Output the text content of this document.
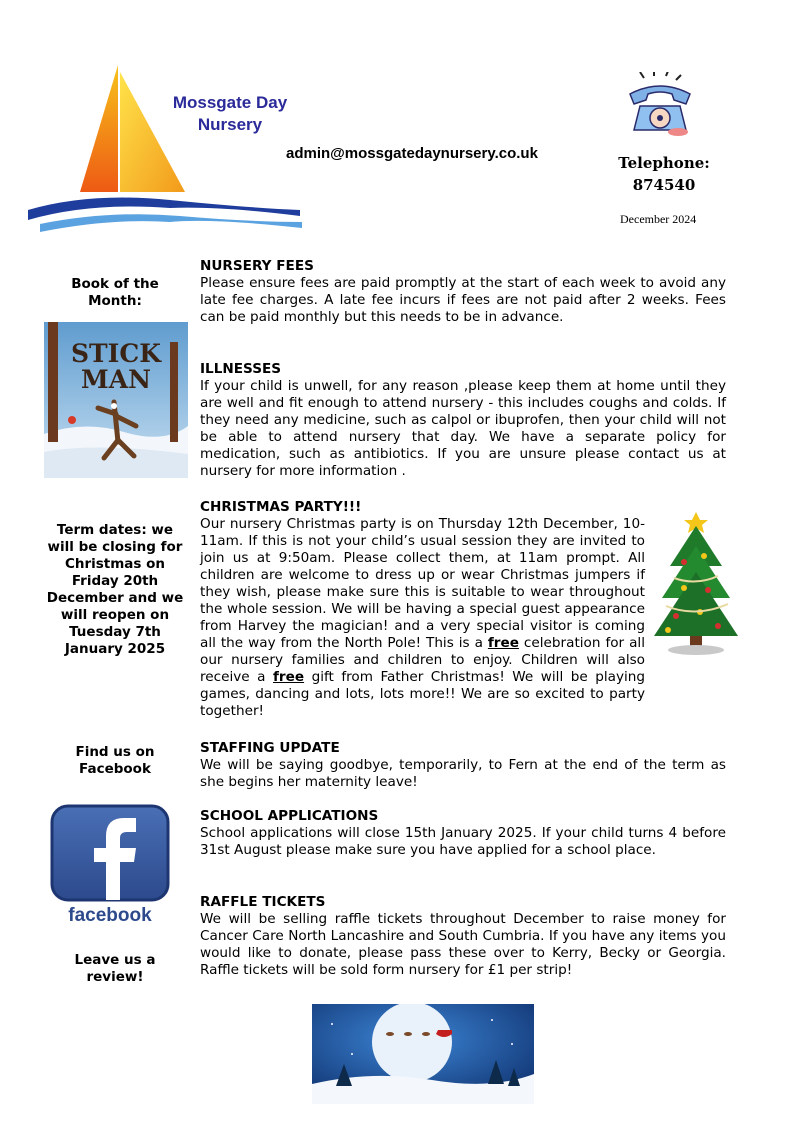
Mossgate Day
Nursery
admin@mossgatedaynursery.co.uk
Telephone:
874540
December 2024
Book of the Month:
STICK
MAN
Term dates: we will be closing for Christmas on Friday 20th December and we will reopen on Tuesday 7th January 2025
Find us on Facebook
facebook
Leave us a review!
NURSERY FEES

Please ensure fees are paid promptly at the start of each week to avoid any late fee charges. A late fee incurs if fees are not paid after 2 weeks. Fees can be paid monthly but this needs to be in advance.

ILLNESSES

If your child is unwell, for any reason ,please keep them at home until they are well and fit enough to attend nursery - this includes coughs and colds. If they need any medicine, such as calpol or ibuprofen, then your child will not be able to attend nursery that day. We have a separate policy for medication, such as antibiotics. If you are unsure please contact us at nursery for more information .

CHRISTMAS PARTY!!!

Our nursery Christmas party is on Thursday 12th December, 10-11am. If this is not your child’s usual session they are invited to join us at 9:50am. Please collect them, at 11am prompt. All children are welcome to dress up or wear Christmas jumpers if they wish, please make sure this is suitable to wear throughout the whole session. We will be having a special guest appearance from Harvey the magician! and a very special visitor is coming all the way from the North Pole! This is a free celebration for all our nursery families and children to enjoy. Children will also receive a free gift from Father Christmas! We will be playing games, dancing and lots, lots more!! We are so excited to party together!

STAFFING UPDATE

We will be saying goodbye, temporarily, to Fern at the end of the term as she begins her maternity leave!

SCHOOL APPLICATIONS

School applications will close 15th January 2025. If your child turns 4 before 31st August please make sure you have applied for a school place.

RAFFLE TICKETS

We will be selling raffle tickets throughout December to raise money for Cancer Care North Lancashire and South Cumbria. If you have any items you would like to donate, please pass these over to Kerry, Becky or Georgia. Raffle tickets will be sold form nursery for £1 per strip!
